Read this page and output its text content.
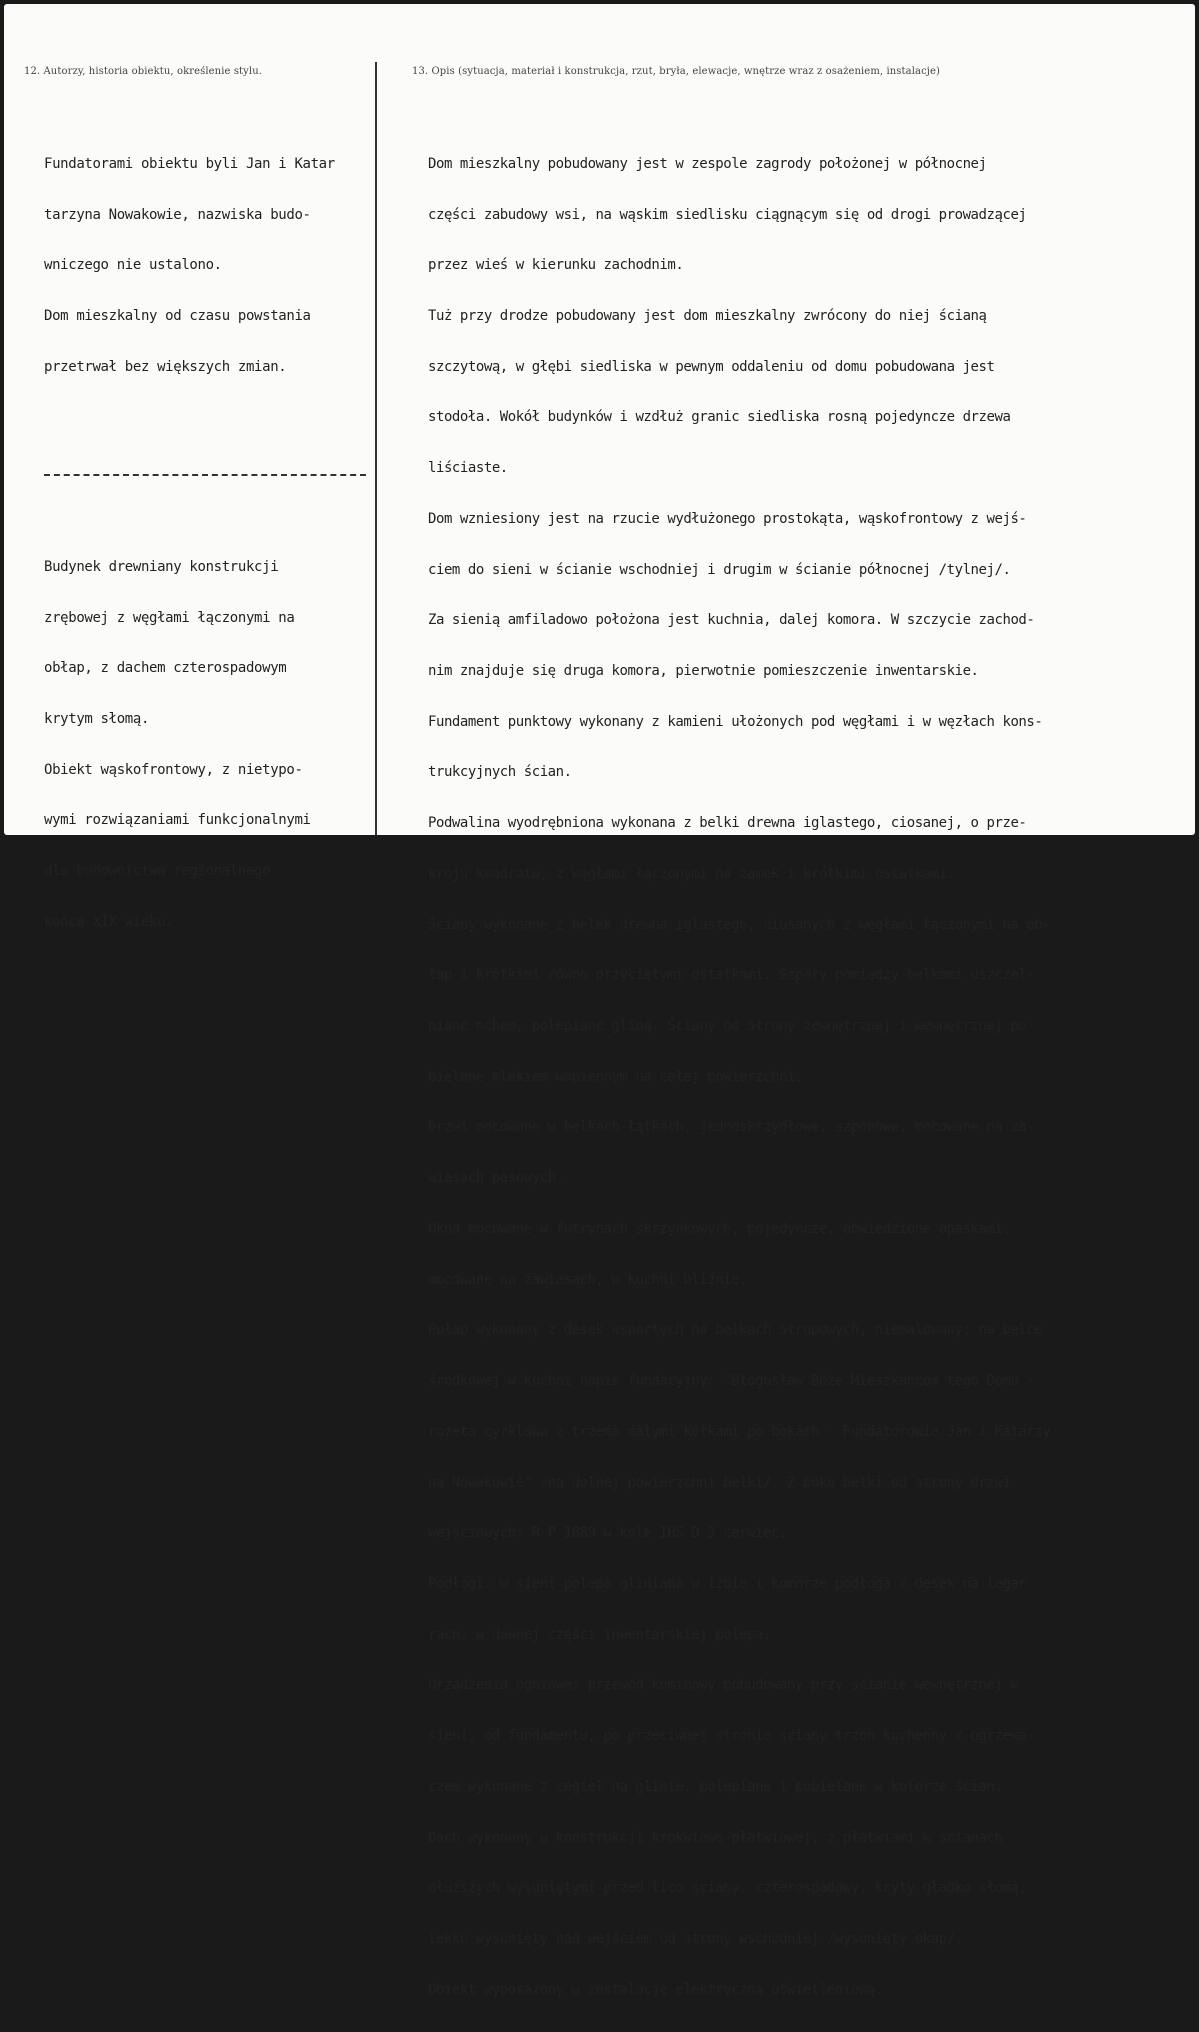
12. Autorzy, historia obiektu, określenie stylu.	13. Opis (sytuacja, materiał i konstrukcja, rzut, bryła, elewacje, wnętrze wraz z osażeniem, instalacje)

Fundatorami obiektu byli Jan i Katar

tarzyna Nowakowie, nazwiska budo-

wniczego nie ustalono.

Dom mieszkalny od czasu powstania

przetrwał bez większych zmian.

Budynek drewniany konstrukcji

zrębowej z węgłami łączonymi na

obłap, z dachem czterospadowym

krytym słomą.

Obiekt wąskofrontowy, z nietypo-

wymi rozwiązaniami funkcjonalnymi

dla budownictwa regionalnego

końca XIX wieku.

Dom mieszkalny pobudowany jest w zespole zagrody położonej w północnej

części zabudowy wsi, na wąskim siedlisku ciągnącym się od drogi prowadzącej

przez wieś w kierunku zachodnim.

Tuż przy drodze pobudowany jest dom mieszkalny zwrócony do niej ścianą

szczytową, w głębi siedliska w pewnym oddaleniu od domu pobudowana jest

stodoła. Wokół budynków i wzdłuż granic siedliska rosną pojedyncze drzewa

liściaste.

Dom wzniesiony jest na rzucie wydłużonego prostokąta, wąskofrontowy z wejś-

ciem do sieni w ścianie wschodniej i drugim w ścianie północnej /tylnej/.

Za sienią amfiladowo położona jest kuchnia, dalej komora. W szczycie zachod-

nim znajduje się druga komora, pierwotnie pomieszczenie inwentarskie.

Fundament punktowy wykonany z kamieni ułożonych pod węgłami i w węzłach kons-

trukcyjnych ścian.

Podwalina wyodrębniona wykonana z belki drewna iglastego, ciosanej, o prze-

kroju kwadratu, z węgłami łączonymi na zamek i krótkimi ostatkami.

Ściany wykonane z belek drewna iglastego, ciosanych z węgłami łączonymi na ob-

łap i krótkimi równo przyciętymi ostatkami. Szpary pomiędzy belkami uszczel-

niane mchem, polepiane gliną. Ściany od strony zewnętrznej i wewnętrznej po-

bielane mlekiem wapiennym na całej powierzchni.

Drzwi mocowane w belkach-łątkach, jednoskrzydłowe, szponowe, mocowane na za-

wiasach pasowych.

Okna mocowane w futrynach skrzynkowych, pojedyncze, obwiedzione opaskami,

mocowane na zawiasach, w kuchni bliźnie.

Pułap wykonany z desek wspartych na belkach stropowych, niemalowany; na belce

środkowej w kuchni napis fundacyjny: "Błogosław Boże Mieszkańcom tego Domu -

rozeta cyrklowa z trzema małymi kółkami po bokach - Fundatorowie Jan i Katarzy

na Nowakowie" /na dolnej powierzchni belki/. Z boku belki od strony drzwi

wejściowych: R P 1889 w kole IHS D 3 cerwiec.

Podłogi: w sieni polepa gliniana w izbie i komorze podłoga z desek na legar

rach, w dawnej części inwentarskiej polepa.

Urządzenia ogniowe: przewód kominowy pobudowany przy ścianie wewnętrznej w

sieni, od fundamentu, po przeciwnej stronie ściany trzon kuchenny z ogrzewa-

czem wykonane z cegieł na glinie, polepiane i pobielane w kolorze ścian.

Dach wykonany w konstrukcji krokwiowo-płatwiowej, z płatwiami w ścianach

dłuższych wysuniętymi przed lico ściany, czterospadowy, kryty gładko słomą,

lekko wysunięty nad wejściem od strony wschodniej /wysunięty okap/.

Obiekt wyposażony w instalację elektryczną oświetleniową.
